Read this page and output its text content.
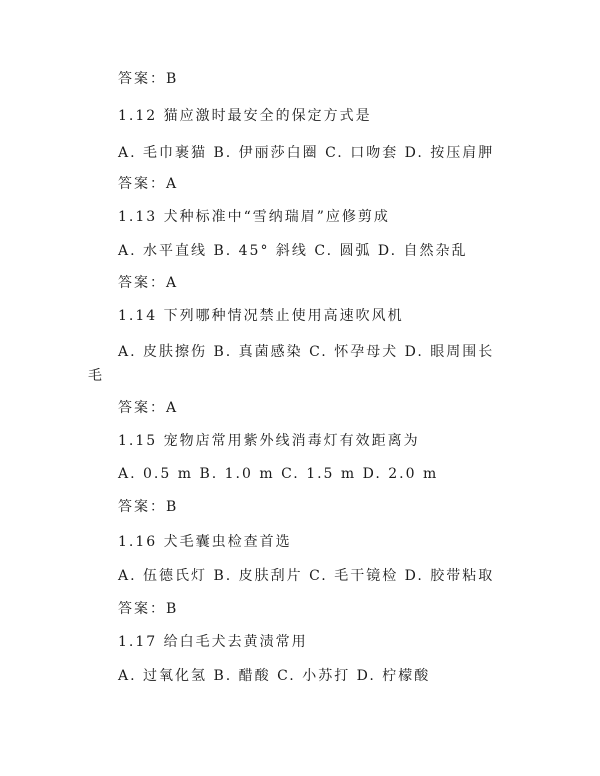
答案：B
1.12 猫应激时最安全的保定方式是
A. 毛巾裹猫 B. 伊丽莎白圈 C. 口吻套 D. 按压肩胛
答案：A
1.13 犬种标准中“雪纳瑞眉”应修剪成
A. 水平直线 B. 45° 斜线 C. 圆弧 D. 自然杂乱
答案：A
1.14 下列哪种情况禁止使用高速吹风机
A. 皮肤擦伤 B. 真菌感染 C. 怀孕母犬 D. 眼周围长
毛
答案：A
1.15 宠物店常用紫外线消毒灯有效距离为
A. 0.5 m B. 1.0 m C. 1.5 m D. 2.0 m
答案：B
1.16 犬毛囊虫检查首选
A. 伍德氏灯 B. 皮肤刮片 C. 毛干镜检 D. 胶带粘取
答案：B
1.17 给白毛犬去黄渍常用
A. 过氧化氢 B. 醋酸 C. 小苏打 D. 柠檬酸
